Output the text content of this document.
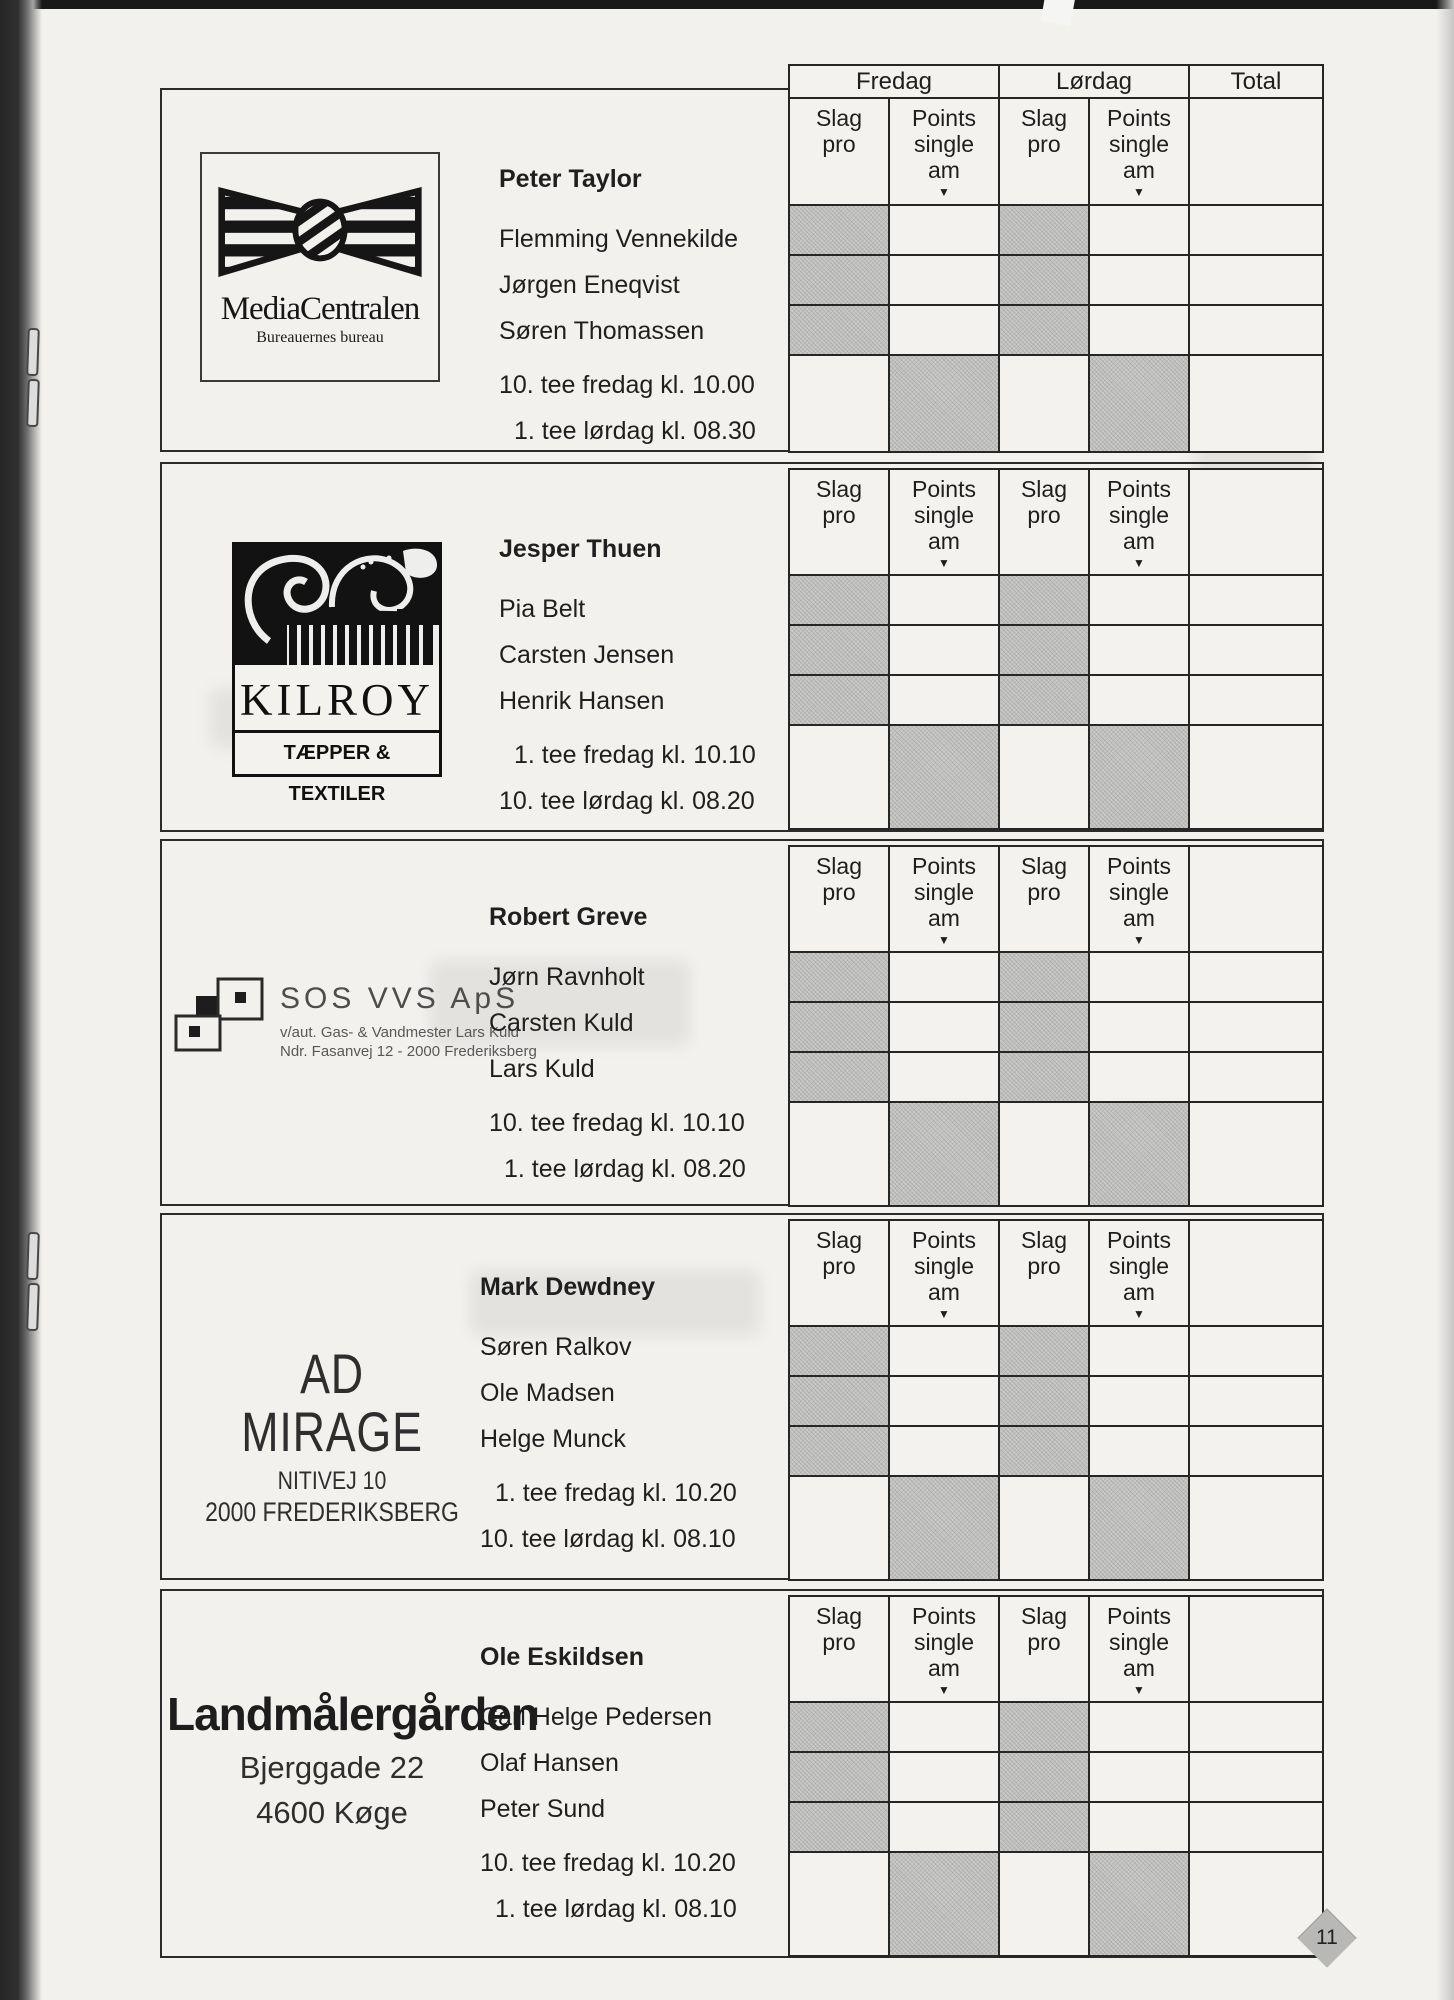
MediaCentralen
Bureauernes bureau
Peter Taylor
Flemming Vennekilde
Jørgen Eneqvist
Søren Thomassen
10. tee fredag kl. 10.00
1. tee lørdag kl. 08.30
Fredag	Lørdag	Total
Slag
pro
Points
single
am
▼
Slag
pro
Points
single
am
▼
KILROY
TÆPPER & TEXTILER
Jesper Thuen
Pia Belt
Carsten Jensen
Henrik Hansen
1. tee fredag kl. 10.10
10. tee lørdag kl. 08.20
Slag
pro
Points
single
am
▼
Slag
pro
Points
single
am
▼
SOS VVS ApS
v/aut. Gas- & Vandmester Lars Kuld
Ndr. Fasanvej 12 - 2000 Frederiksberg
Robert Greve
Jørn Ravnholt
Carsten Kuld
Lars Kuld
10. tee fredag kl. 10.10
1. tee lørdag kl. 08.20
Slag
pro
Points
single
am
▼
Slag
pro
Points
single
am
▼
AD MIRAGE
NITIVEJ 10
2000 FREDERIKSBERG
Mark Dewdney
Søren Ralkov
Ole Madsen
Helge Munck
1. tee fredag kl. 10.20
10. tee lørdag kl. 08.10
Slag
pro
Points
single
am
▼
Slag
pro
Points
single
am
▼
Landmålergården
Bjerggade 22
4600 Køge
Ole Eskildsen
Carl Helge Pedersen
Olaf Hansen
Peter Sund
10. tee fredag kl. 10.20
1. tee lørdag kl. 08.10
Slag
pro
Points
single
am
▼
Slag
pro
Points
single
am
▼
11
